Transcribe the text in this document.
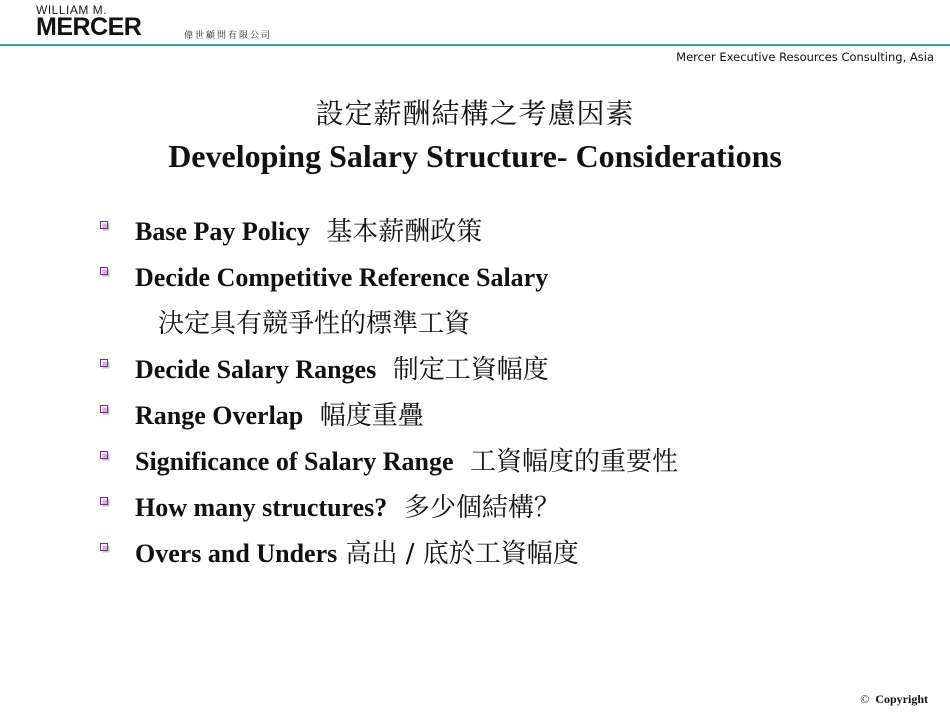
WILLIAM M.
MERCER	偉世顧問有限公司
Mercer Executive Resources Consulting, Asia
設定薪酬結構之考慮因素
Developing Salary Structure- Considerations
Base Pay Policy 基本薪酬政策
Decide Competitive Reference Salary
決定具有競爭性的標準工資
Decide Salary Ranges 制定工資幅度
Range Overlap 幅度重疊
Significance of Salary Range 工資幅度的重要性
How many structures? 多少個結構？
Overs and Unders 高出 / 底於工資幅度
© Copyright
